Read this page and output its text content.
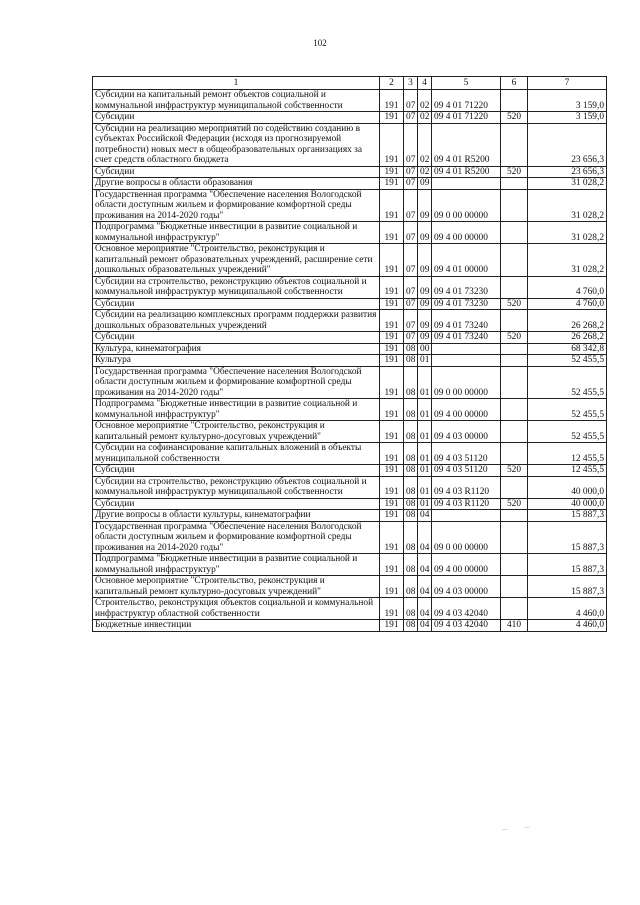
102
1	2	3	4	5	6	7
Субсидии на капитальный ремонт объектов социальной и коммунальной инфраструктур муниципальной собственности	191	07	02	09 4 01 71220		3 159,0
Субсидии	191	07	02	09 4 01 71220	520	3 159,0
Субсидии на реализацию мероприятий по содействию созданию в субъектах Российской Федерации (исходя из прогнозируемой потребности) новых мест в общеобразовательных организациях за счет средств областного бюджета	191	07	02	09 4 01 R5200		23 656,3
Субсидии	191	07	02	09 4 01 R5200	520	23 656,3
Другие вопросы в области образования	191	07	09			31 028,2
Государственная программа "Обеспечение населения Вологодской области доступным жильем и формирование комфортной среды проживания на 2014-2020 годы"	191	07	09	09 0 00 00000		31 028,2
Подпрограмма "Бюджетные инвестиции в развитие социальной и коммунальной инфраструктур"	191	07	09	09 4 00 00000		31 028,2
Основное мероприятие "Строительство, реконструкция и капитальный ремонт образовательных учреждений, расширение сети дошкольных образовательных учреждений"	191	07	09	09 4 01 00000		31 028,2
Субсидии на строительство, реконструкцию объектов социальной и коммунальной инфраструктур муниципальной собственности	191	07	09	09 4 01 73230		4 760,0
Субсидии	191	07	09	09 4 01 73230	520	4 760,0
Субсидии на реализацию комплексных программ поддержки развития дошкольных образовательных учреждений	191	07	09	09 4 01 73240		26 268,2
Субсидии	191	07	09	09 4 01 73240	520	26 268,2
Культура, кинематография	191	08	00			68 342,8
Культура	191	08	01			52 455,5
Государственная программа "Обеспечение населения Вологодской области доступным жильем и формирование комфортной среды проживания на 2014-2020 годы"	191	08	01	09 0 00 00000		52 455,5
Подпрограмма "Бюджетные инвестиции в развитие социальной и коммунальной инфраструктур"	191	08	01	09 4 00 00000		52 455,5
Основное мероприятие "Строительство, реконструкция и капитальный ремонт культурно-досуговых учреждений"	191	08	01	09 4 03 00000		52 455,5
Субсидии на софинансирование капитальных вложений в объекты муниципальной собственности	191	08	01	09 4 03 51120		12 455,5
Субсидии	191	08	01	09 4 03 51120	520	12 455,5
Субсидии на строительство, реконструкцию объектов социальной и коммунальной инфраструктур муниципальной собственности	191	08	01	09 4 03 R1120		40 000,0
Субсидии	191	08	01	09 4 03 R1120	520	40 000,0
Другие вопросы в области культуры, кинематографии	191	08	04			15 887,3
Государственная программа "Обеспечение населения Вологодской области доступным жильем и формирование комфортной среды проживания на 2014-2020 годы"	191	08	04	09 0 00 00000		15 887,3
Подпрограмма "Бюджетные инвестиции в развитие социальной и коммунальной инфраструктур"	191	08	04	09 4 00 00000		15 887,3
Основное мероприятие "Строительство, реконструкция и капитальный ремонт культурно-досуговых учреждений"	191	08	04	09 4 03 00000		15 887,3
Строительство, реконструкция объектов социальной и коммунальной инфраструктур областной собственности	191	08	04	09 4 03 42040		4 460,0
Бюджетные инвестиции	191	08	04	09 4 03 42040	410	4 460,0
